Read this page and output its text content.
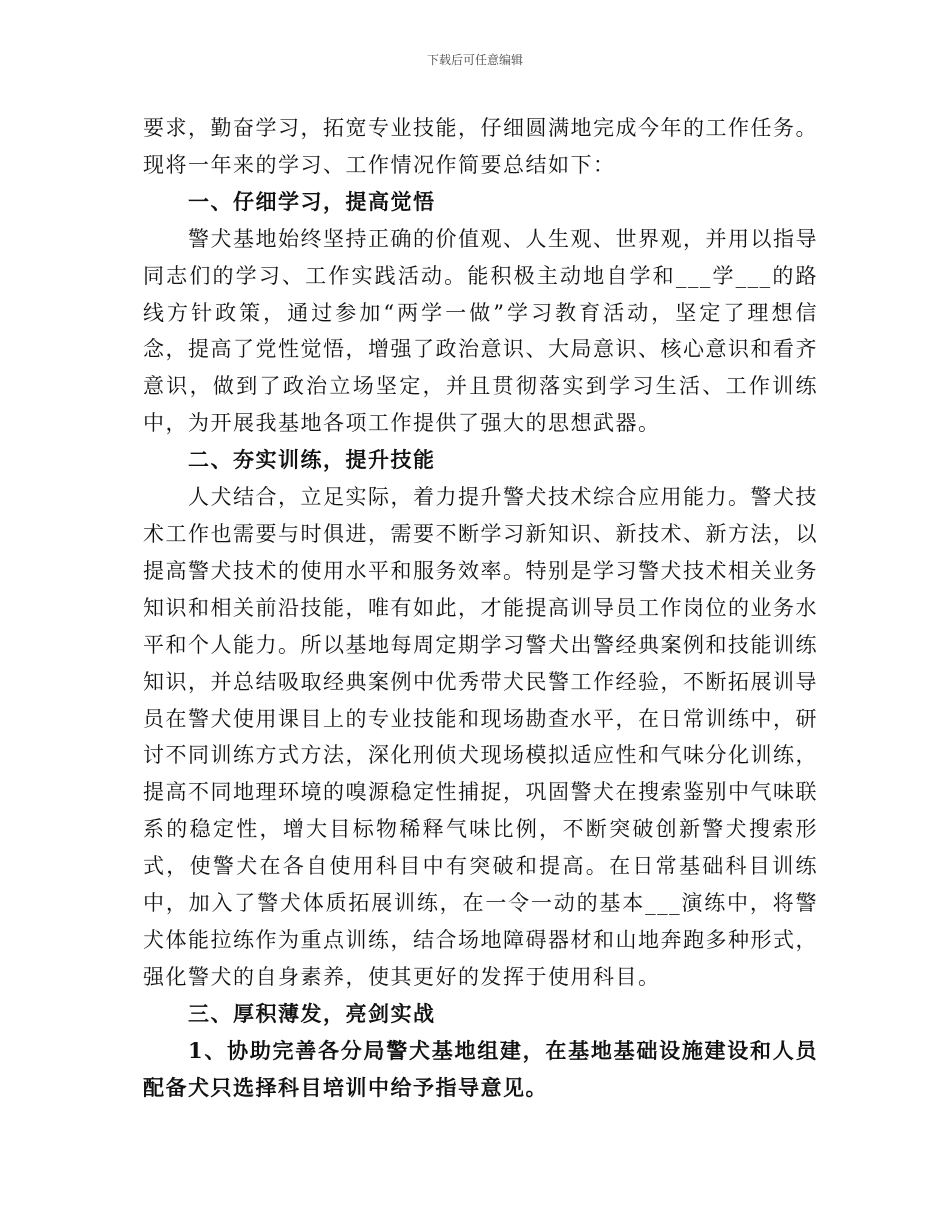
下载后可任意编辑

要求，勤奋学习，拓宽专业技能，仔细圆满地完成今年的工作任务。现将一年来的学习、工作情况作简要总结如下：

一、仔细学习，提高觉悟

警犬基地始终坚持正确的价值观、人生观、世界观，并用以指导同志们的学习、工作实践活动。能积极主动地自学和___学___的路线方针政策，通过参加“两学一做”学习教育活动，坚定了理想信念，提高了党性觉悟，增强了政治意识、大局意识、核心意识和看齐意识，做到了政治立场坚定，并且贯彻落实到学习生活、工作训练中，为开展我基地各项工作提供了强大的思想武器。

二、夯实训练，提升技能

人犬结合，立足实际，着力提升警犬技术综合应用能力。警犬技术工作也需要与时俱进，需要不断学习新知识、新技术、新方法，以提高警犬技术的使用水平和服务效率。特别是学习警犬技术相关业务知识和相关前沿技能，唯有如此，才能提高训导员工作岗位的业务水平和个人能力。所以基地每周定期学习警犬出警经典案例和技能训练知识，并总结吸取经典案例中优秀带犬民警工作经验，不断拓展训导员在警犬使用课目上的专业技能和现场勘查水平，在日常训练中，研讨不同训练方式方法，深化刑侦犬现场模拟适应性和气味分化训练，提高不同地理环境的嗅源稳定性捕捉，巩固警犬在搜索鉴别中气味联系的稳定性，增大目标物稀释气味比例，不断突破创新警犬搜索形式，使警犬在各自使用科目中有突破和提高。在日常基础科目训练中，加入了警犬体质拓展训练，在一令一动的基本___演练中，将警犬体能拉练作为重点训练，结合场地障碍器材和山地奔跑多种形式，强化警犬的自身素养，使其更好的发挥于使用科目。

三、厚积薄发，亮剑实战

1、协助完善各分局警犬基地组建，在基地基础设施建设和人员配备犬只选择科目培训中给予指导意见。
